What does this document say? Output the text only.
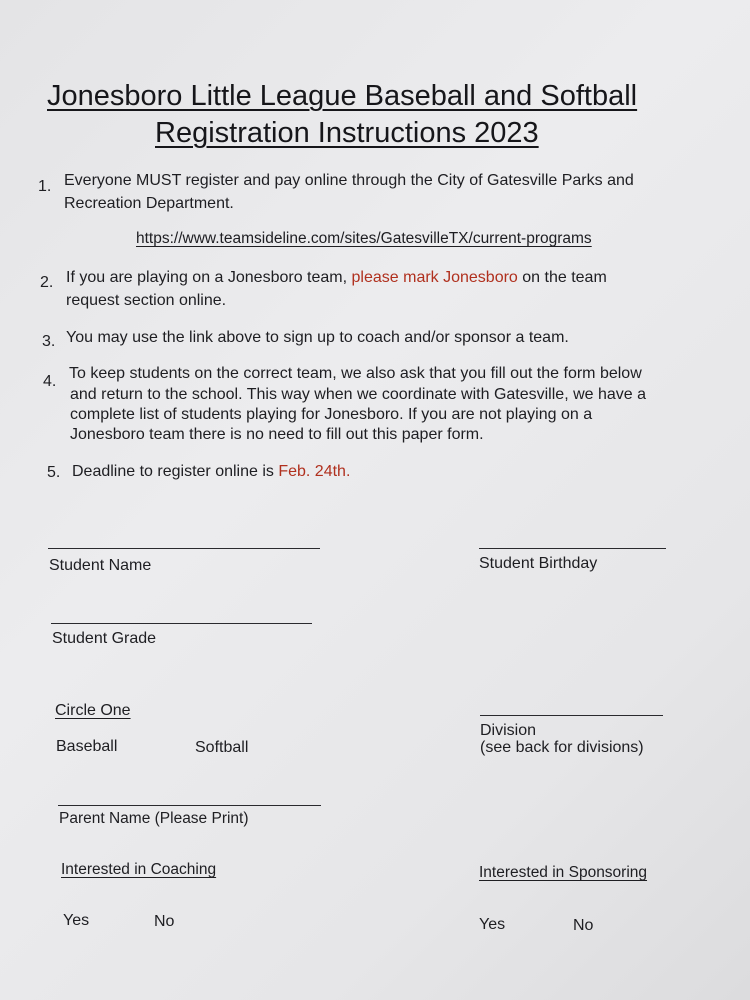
Jonesboro Little League Baseball and Softball
Registration Instructions 2023
1. Everyone MUST register and pay online through the City of Gatesville Parks and
Recreation Department.
https://www.teamsideline.com/sites/GatesvilleTX/current-programs
2. If you are playing on a Jonesboro team, please mark Jonesboro on the team
request section online.
3. You may use the link above to sign up to coach and/or sponsor a team.
4. To keep students on the correct team, we also ask that you fill out the form below
and return to the school. This way when we coordinate with Gatesville, we have a
complete list of students playing for Jonesboro. If you are not playing on a
Jonesboro team there is no need to fill out this paper form.
5. Deadline to register online is Feb. 24th.
Student Name	Student Birthday
Student Grade
Circle One
Baseball	Softball
Division
(see back for divisions)
Parent Name (Please Print)
Interested in Coaching
Yes	No
Interested in Sponsoring
Yes	No
